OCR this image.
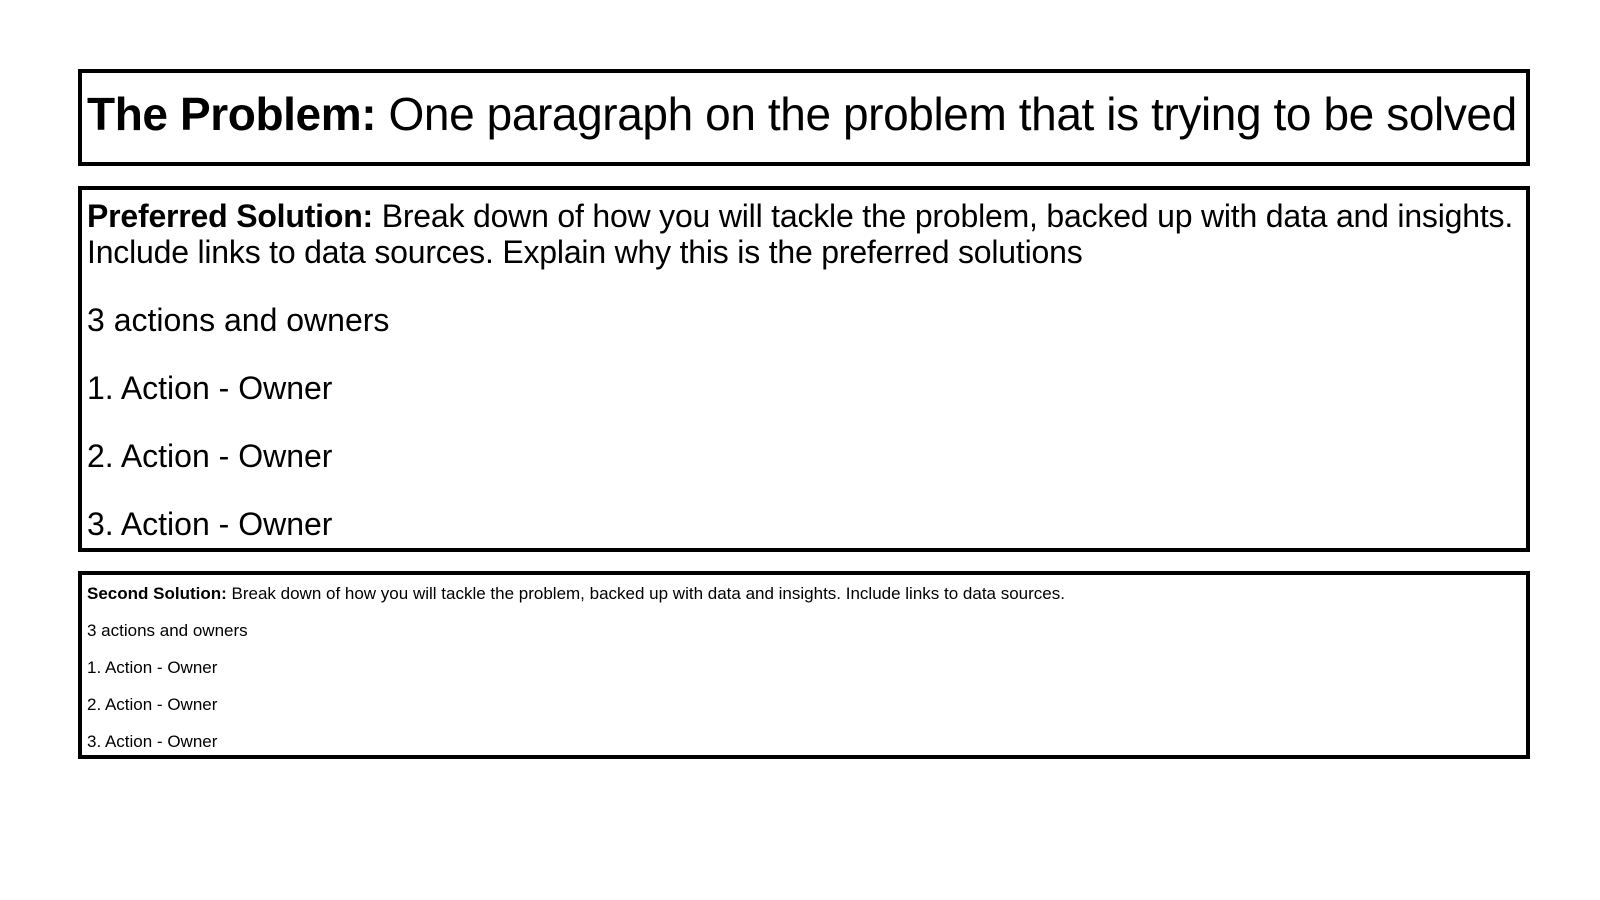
The Problem: One paragraph on the problem that is trying to be solved

Preferred Solution: Break down of how you will tackle the problem, backed up with data and insights. Include links to data sources. Explain why this is the preferred solutions

3 actions and owners

1. Action - Owner

2. Action - Owner

3. Action - Owner

Second Solution: Break down of how you will tackle the problem, backed up with data and insights. Include links to data sources.

3 actions and owners

1. Action - Owner

2. Action - Owner

3. Action - Owner
